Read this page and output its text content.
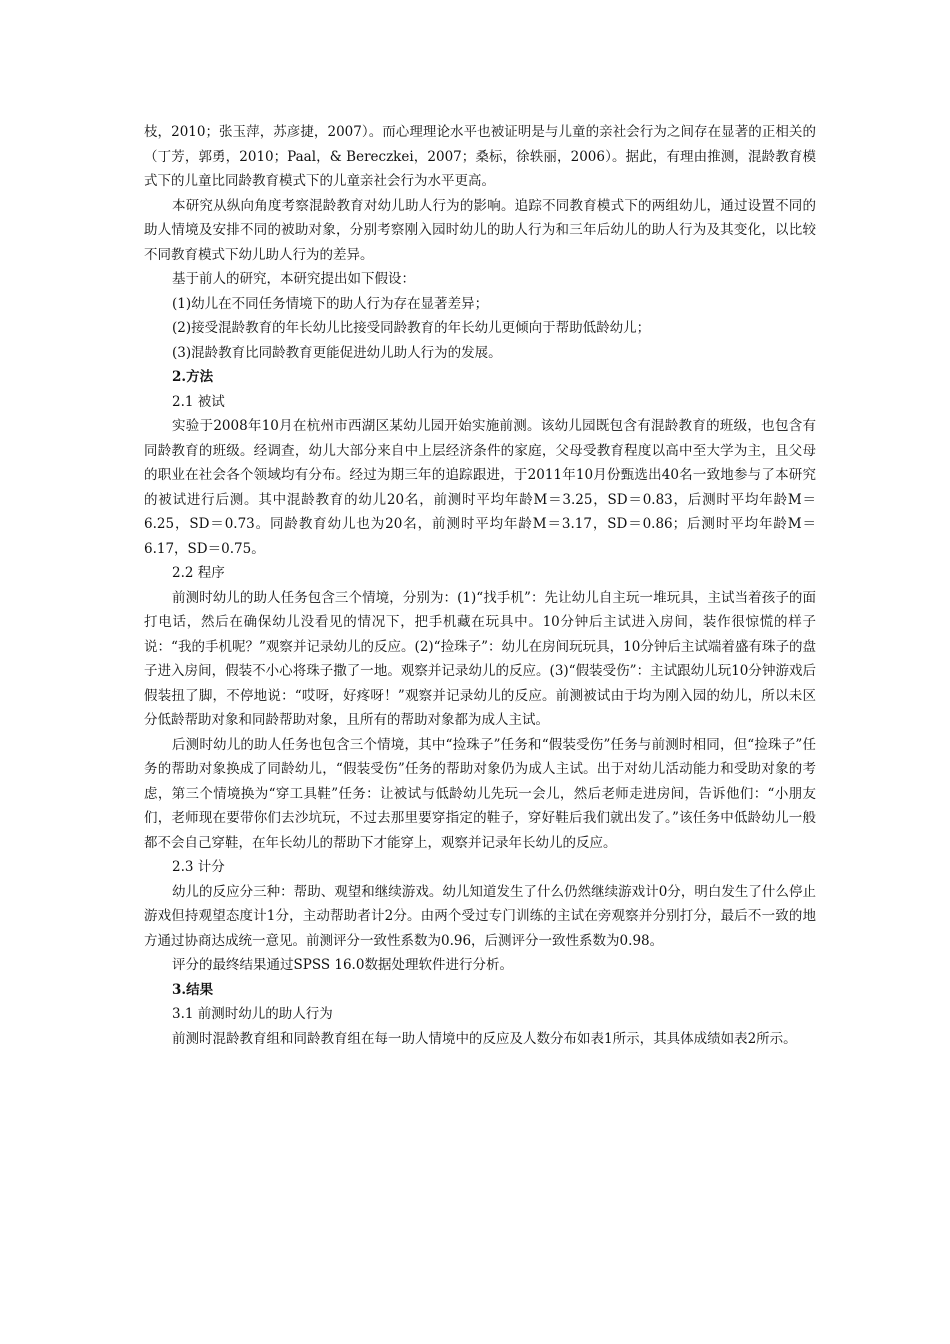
枝，2010；张玉萍，苏彦捷，2007）。而心理理论水平也被证明是与儿童的亲社会行为之间存在显著的正相关的（丁芳，郭勇，2010；Paal，& Bereczkei，2007；桑标，徐轶丽，2006）。据此，有理由推测，混龄教育模式下的儿童比同龄教育模式下的儿童亲社会行为水平更高。

本研究从纵向角度考察混龄教育对幼儿助人行为的影响。追踪不同教育模式下的两组幼儿，通过设置不同的助人情境及安排不同的被助对象，分别考察刚入园时幼儿的助人行为和三年后幼儿的助人行为及其变化，以比较不同教育模式下幼儿助人行为的差异。

基于前人的研究，本研究提出如下假设：

(1)幼儿在不同任务情境下的助人行为存在显著差异；

(2)接受混龄教育的年长幼儿比接受同龄教育的年长幼儿更倾向于帮助低龄幼儿；

(3)混龄教育比同龄教育更能促进幼儿助人行为的发展。

2.方法

2.1 被试

实验于2008年10月在杭州市西湖区某幼儿园开始实施前测。该幼儿园既包含有混龄教育的班级，也包含有同龄教育的班级。经调查，幼儿大部分来自中上层经济条件的家庭，父母受教育程度以高中至大学为主，且父母的职业在社会各个领域均有分布。经过为期三年的追踪跟进，于2011年10月份甄选出40名一致地参与了本研究的被试进行后测。其中混龄教育的幼儿20名，前测时平均年龄M＝3.25，SD＝0.83，后测时平均年龄M＝6.25，SD＝0.73。同龄教育幼儿也为20名，前测时平均年龄M＝3.17，SD＝0.86；后测时平均年龄M＝6.17，SD＝0.75。

2.2 程序

前测时幼儿的助人任务包含三个情境，分别为：(1)“找手机”：先让幼儿自主玩一堆玩具，主试当着孩子的面打电话，然后在确保幼儿没看见的情况下，把手机藏在玩具中。10分钟后主试进入房间，装作很惊慌的样子说：“我的手机呢？”观察并记录幼儿的反应。(2)“捡珠子”：幼儿在房间玩玩具，10分钟后主试端着盛有珠子的盘子进入房间，假装不小心将珠子撒了一地。观察并记录幼儿的反应。(3)“假装受伤”：主试跟幼儿玩10分钟游戏后假装扭了脚，不停地说：“哎呀，好疼呀！”观察并记录幼儿的反应。前测被试由于均为刚入园的幼儿，所以未区分低龄帮助对象和同龄帮助对象，且所有的帮助对象都为成人主试。

后测时幼儿的助人任务也包含三个情境，其中“捡珠子”任务和“假装受伤”任务与前测时相同，但“捡珠子”任务的帮助对象换成了同龄幼儿，“假装受伤”任务的帮助对象仍为成人主试。出于对幼儿活动能力和受助对象的考虑，第三个情境换为“穿工具鞋”任务：让被试与低龄幼儿先玩一会儿，然后老师走进房间，告诉他们：“小朋友们，老师现在要带你们去沙坑玩，不过去那里要穿指定的鞋子，穿好鞋后我们就出发了。”该任务中低龄幼儿一般都不会自己穿鞋，在年长幼儿的帮助下才能穿上，观察并记录年长幼儿的反应。

2.3 计分

幼儿的反应分三种：帮助、观望和继续游戏。幼儿知道发生了什么仍然继续游戏计0分，明白发生了什么停止游戏但持观望态度计1分，主动帮助者计2分。由两个受过专门训练的主试在旁观察并分别打分，最后不一致的地方通过协商达成统一意见。前测评分一致性系数为0.96，后测评分一致性系数为0.98。

评分的最终结果通过SPSS 16.0数据处理软件进行分析。

3.结果

3.1 前测时幼儿的助人行为

前测时混龄教育组和同龄教育组在每一助人情境中的反应及人数分布如表1所示，其具体成绩如表2所示。
